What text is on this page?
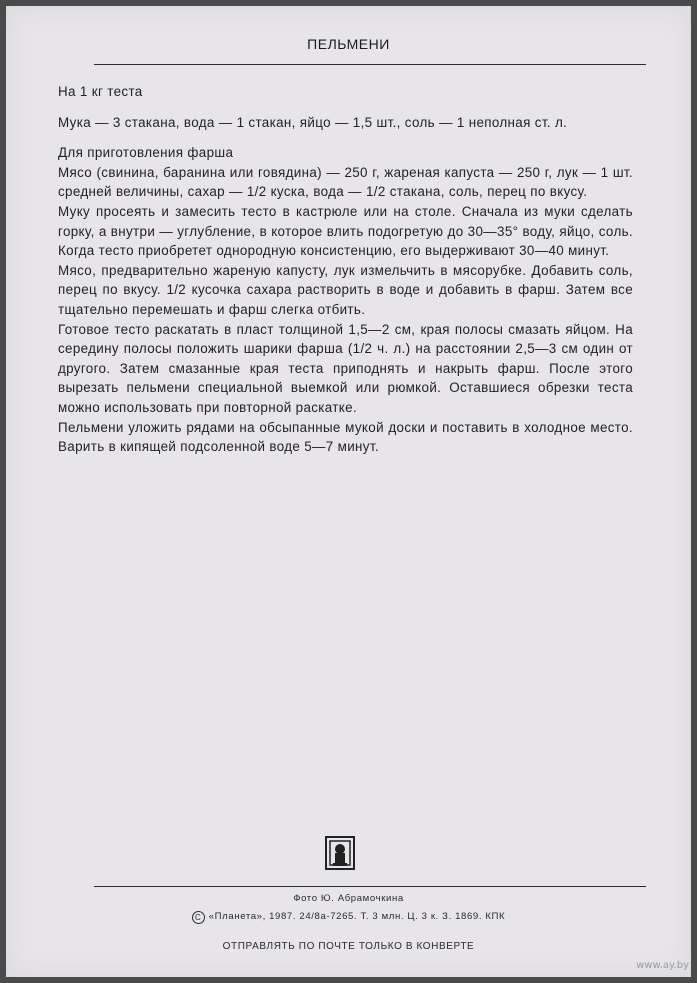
ПЕЛЬМЕНИ

На 1 кг теста

Мука — 3 стакана, вода — 1 стакан, яйцо — 1,5 шт., соль — 1 неполная ст. л.

Для приготовления фарша

Мясо (свинина, баранина или говядина) — 250 г, жареная капуста — 250 г, лук — 1 шт. средней величины, сахар — 1/2 куска, вода — 1/2 стакана, соль, перец по вкусу.

Муку просеять и замесить тесто в кастрюле или на столе. Сначала из муки сделать горку, а внутри — углубление, в которое влить подогретую до 30—35° воду, яйцо, соль. Когда тесто приобретет однородную консистенцию, его выдерживают 30—40 минут.

Мясо, предварительно жареную капусту, лук измельчить в мясорубке. Добавить соль, перец по вкусу. 1/2 кусочка сахара растворить в воде и добавить в фарш. Затем все тщательно перемешать и фарш слегка отбить.

Готовое тесто раскатать в пласт толщиной 1,5—2 см, края полосы смазать яйцом. На середину полосы положить шарики фарша (1/2 ч. л.) на расстоянии 2,5—3 см один от другого. Затем смазанные края теста приподнять и накрыть фарш. После этого вырезать пельмени специальной выемкой или рюмкой. Оставшиеся обрезки теста можно использовать при повторной раскатке.

Пельмени уложить рядами на обсыпанные мукой доски и поставить в холодное место. Варить в кипящей подсоленной воде 5—7 минут.

Фото Ю. Абрамочкина
С «Планета», 1987. 24/8а-7265. Т. 3 млн. Ц. 3 к. З. 1869. КПК
ОТПРАВЛЯТЬ ПО ПОЧТЕ ТОЛЬКО В КОНВЕРТЕ
www.ay.by
